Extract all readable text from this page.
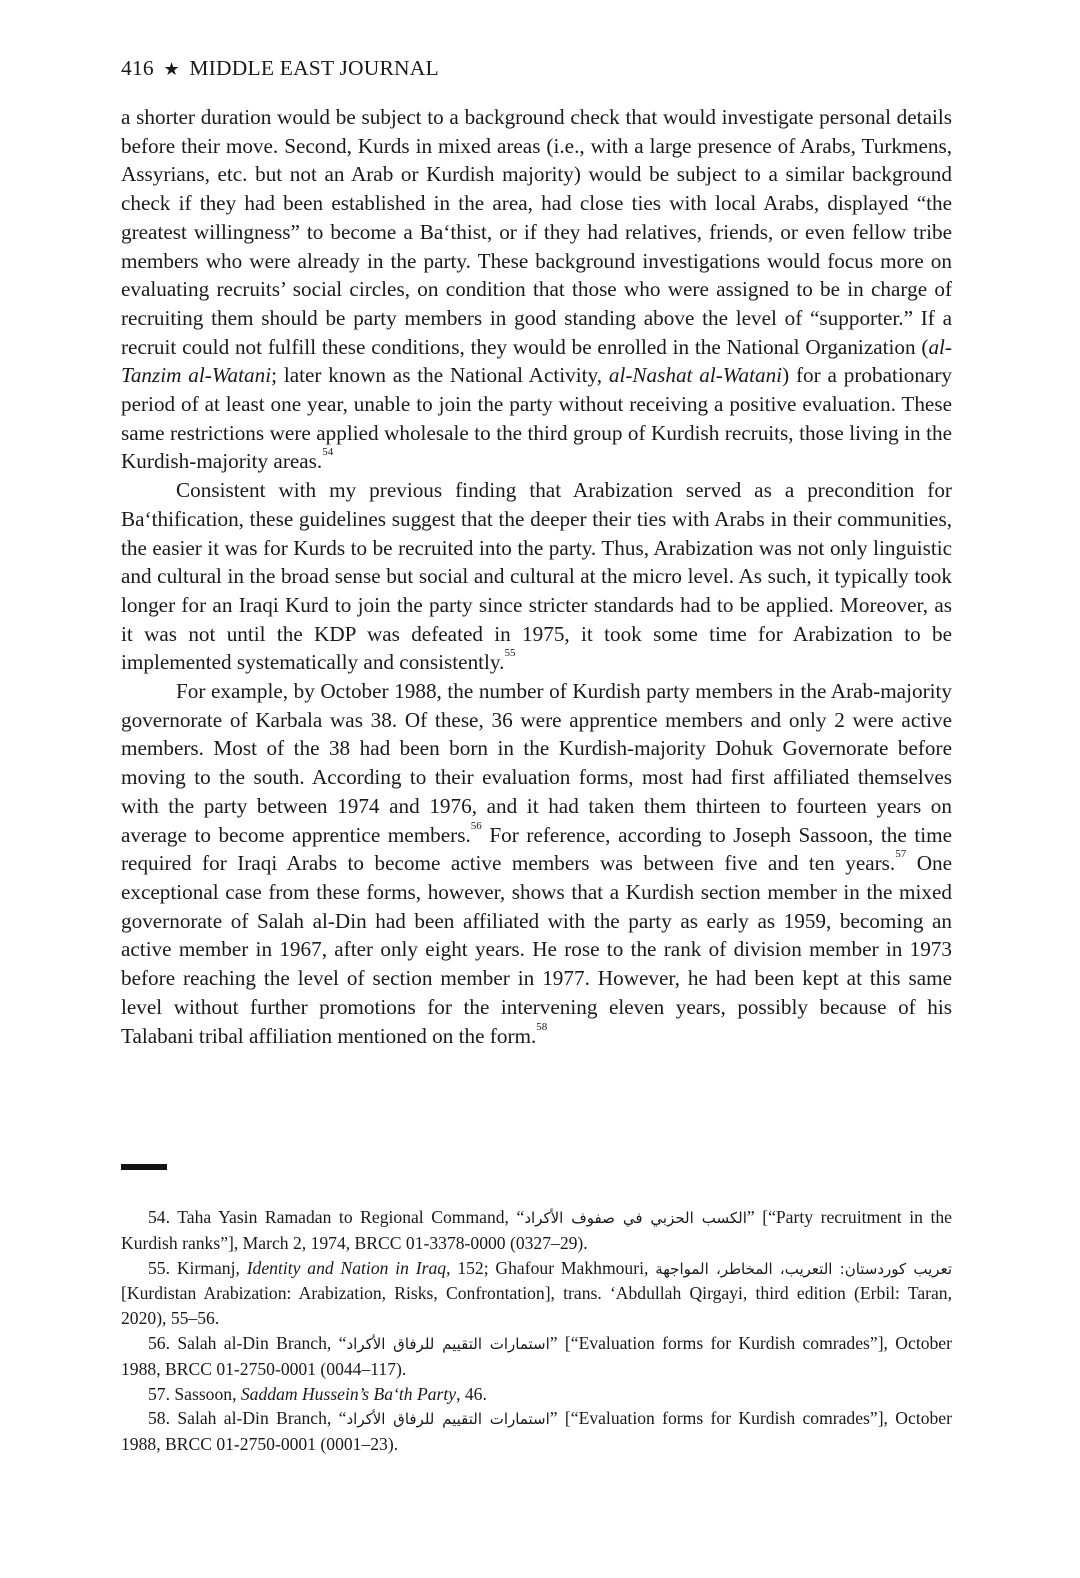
416 ★ MIDDLE EAST JOURNAL

a shorter duration would be subject to a background check that would investigate personal details before their move. Second, Kurds in mixed areas (i.e., with a large presence of Arabs, Turkmens, Assyrians, etc. but not an Arab or Kurdish majority) would be subject to a similar background check if they had been established in the area, had close ties with local Arabs, displayed “the greatest willingness” to become a Ba‘thist, or if they had relatives, friends, or even fellow tribe members who were already in the party. These background investigations would focus more on evaluating recruits’ social circles, on condition that those who were assigned to be in charge of recruiting them should be party members in good standing above the level of “supporter.” If a recruit could not fulfill these conditions, they would be enrolled in the National Organization (al-Tanzim al-Watani; later known as the National Activity, al-Nashat al-Watani) for a probationary period of at least one year, unable to join the party without receiving a positive evaluation. These same restrictions were applied wholesale to the third group of Kurdish recruits, those living in the Kurdish-majority areas.$^{54}$

Consistent with my previous finding that Arabization served as a precondition for Ba‘thification, these guidelines suggest that the deeper their ties with Arabs in their communities, the easier it was for Kurds to be recruited into the party. Thus, Arabization was not only linguistic and cultural in the broad sense but social and cultural at the micro level. As such, it typically took longer for an Iraqi Kurd to join the party since stricter standards had to be applied. Moreover, as it was not until the KDP was defeated in 1975, it took some time for Arabization to be implemented systematically and consistently.$^{55}$

For example, by October 1988, the number of Kurdish party members in the Arab-majority governorate of Karbala was 38. Of these, 36 were apprentice members and only 2 were active members. Most of the 38 had been born in the Kurdish-majority Dohuk Governorate before moving to the south. According to their evaluation forms, most had first affiliated themselves with the party between 1974 and 1976, and it had taken them thirteen to fourteen years on average to become apprentice members.$^{56}$ For reference, according to Joseph Sassoon, the time required for Iraqi Arabs to become active members was between five and ten years.$^{57}$ One exceptional case from these forms, however, shows that a Kurdish section member in the mixed governorate of Salah al-Din had been affiliated with the party as early as 1959, becoming an active member in 1967, after only eight years. He rose to the rank of division member in 1973 before reaching the level of section member in 1977. However, he had been kept at this same level without further promotions for the intervening eleven years, possibly because of his Talabani tribal affiliation mentioned on the form.$^{58}$

54. Taha Yasin Ramadan to Regional Command, “الكسب الحزبي في صفوف الأكراد” [“Party recruitment in the Kurdish ranks”], March 2, 1974, BRCC 01-3378-0000 (0327–29).

55. Kirmanj, Identity and Nation in Iraq, 152; Ghafour Makhmouri, تعريب كوردستان: التعريب، المخاطر، المواجهة [Kurdistan Arabization: Arabization, Risks, Confrontation], trans. ‘Abdullah Qirgayi, third edition (Erbil: Taran, 2020), 55–56.

56. Salah al-Din Branch, “استمارات التقييم للرفاق الأكراد” [“Evaluation forms for Kurdish comrades”], October 1988, BRCC 01-2750-0001 (0044–117).

57. Sassoon, Saddam Hussein’s Ba‘th Party, 46.

58. Salah al-Din Branch, “استمارات التقييم للرفاق الأكراد” [“Evaluation forms for Kurdish comrades”], October 1988, BRCC 01-2750-0001 (0001–23).
